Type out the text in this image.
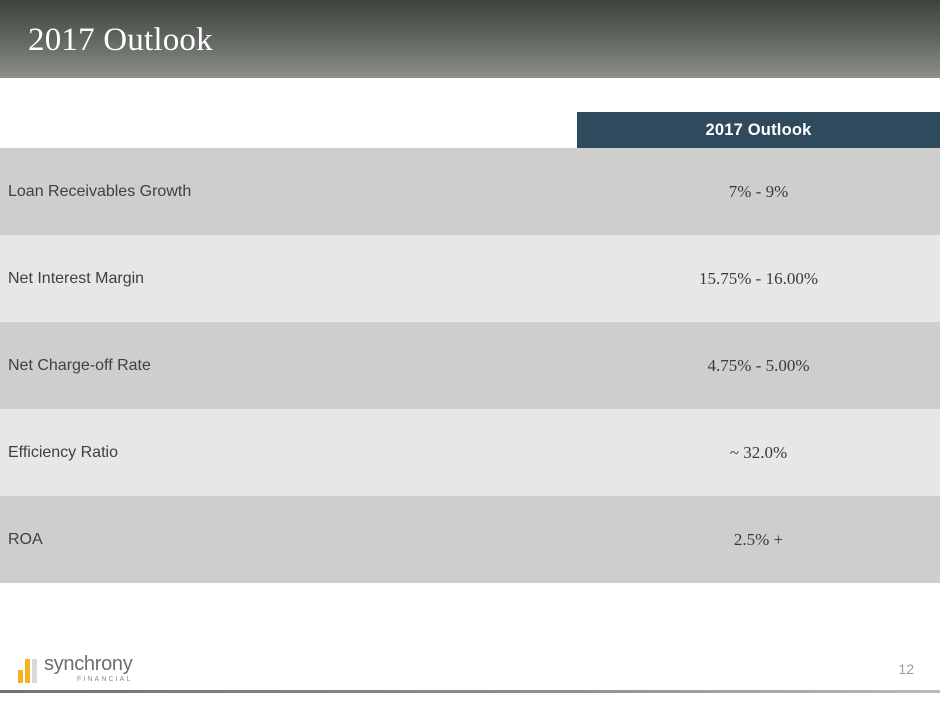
2017 Outlook
2017 Outlook
Loan Receivables Growth	7% - 9%
Net Interest Margin	15.75% - 16.00%
Net Charge-off Rate	4.75% - 5.00%
Efficiency Ratio	~ 32.0%
ROA	2.5% +
12
synchrony
FINANCIAL
